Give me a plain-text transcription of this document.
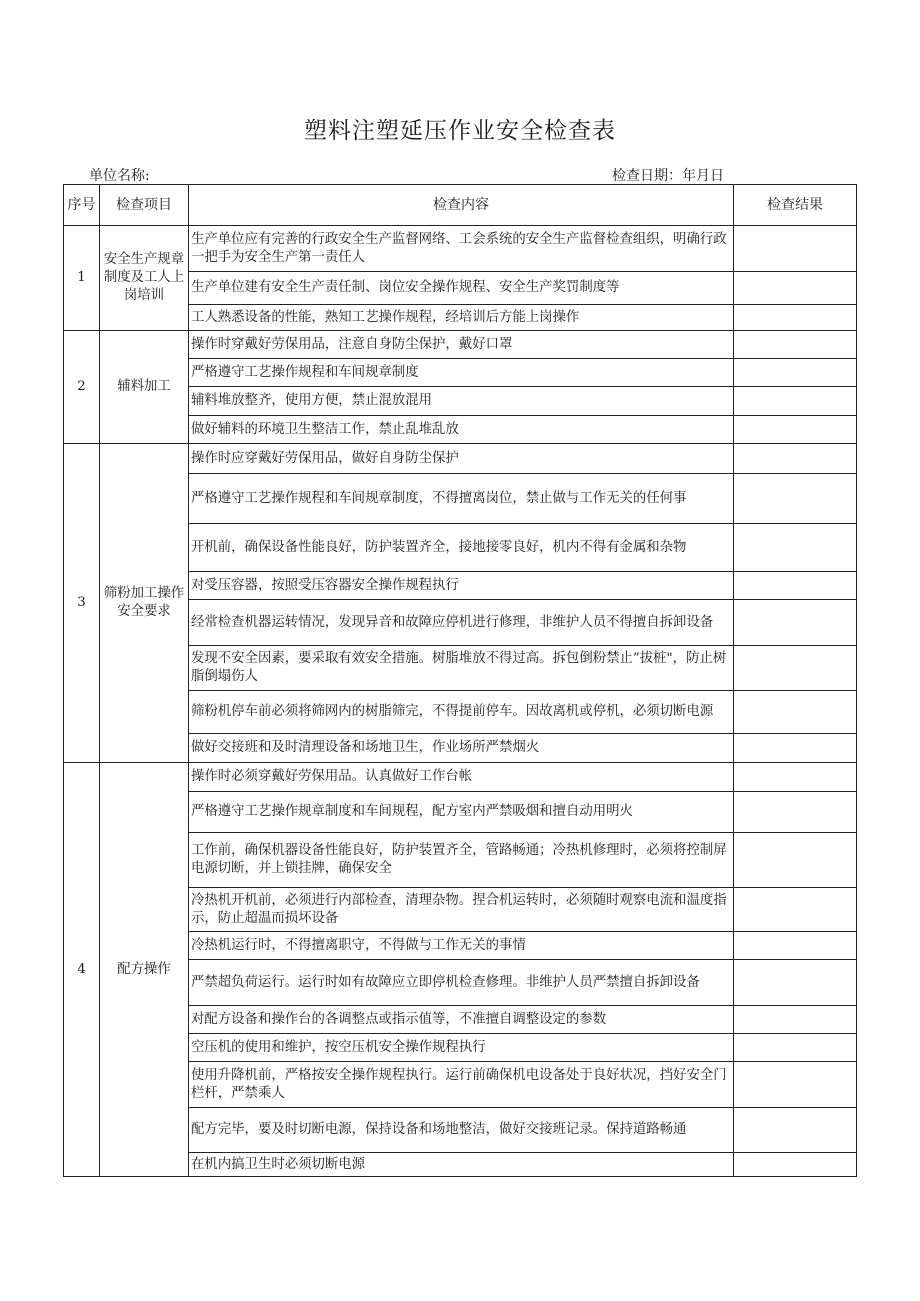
塑料注塑延压作业安全检查表
单位名称:	检查日期：年月日
序号	检查项目	检查内容	检查结果
1	安全生产规章制度及工人上岗培训	生产单位应有完善的行政安全生产监督网络、工会系统的安全生产监督检查组织，明确行政一把手为安全生产第一责任人	
		生产单位建有安全生产责任制、岗位安全操作规程、安全生产奖罚制度等	
		工人熟悉设备的性能，熟知工艺操作规程，经培训后方能上岗操作	
2	辅料加工	操作时穿戴好劳保用品，注意自身防尘保护，戴好口罩	
		严格遵守工艺操作规程和车间规章制度	
		辅料堆放整齐，使用方便，禁止混放混用	
		做好辅料的环境卫生整洁工作，禁止乱堆乱放	
3	筛粉加工操作安全要求	操作时应穿戴好劳保用品，做好自身防尘保护	
		严格遵守工艺操作规程和车间规章制度，不得擅离岗位，禁止做与工作无关的任何事	
		开机前，确保设备性能良好，防护装置齐全，接地接零良好，机内不得有金属和杂物	
		对受压容器，按照受压容器安全操作规程执行	
		经常检查机器运转情况，发现异音和故障应停机进行修理，非维护人员不得擅自拆卸设备	
		发现不安全因素，要采取有效安全措施。树脂堆放不得过高。拆包倒粉禁止”拔桩"，防止树脂倒塌伤人	
		筛粉机停车前必须将筛网内的树脂筛完，不得提前停车。因故离机或停机，必须切断电源	
		做好交接班和及时清理设备和场地卫生，作业场所严禁烟火	
4	配方操作	操作时必须穿戴好劳保用品。认真做好工作台帐	
		严格遵守工艺操作规章制度和车间规程，配方室内严禁吸烟和擅自动用明火	
		工作前，确保机器设备性能良好，防护装置齐全，管路畅通；冷热机修理时，必须将控制屏电源切断，并上锁挂牌，确保安全	
		冷热机开机前，必须进行内部检查，清理杂物。捏合机运转时，必须随时观察电流和温度指示，防止超温而损坏设备	
		冷热机运行时，不得擅离职守，不得做与工作无关的事情	
		严禁超负荷运行。运行时如有故障应立即停机检查修理。非维护人员严禁擅自拆卸设备	
		对配方设备和操作台的各调整点或指示值等，不准擅自调整设定的参数	
		空压机的使用和维护，按空压机安全操作规程执行	
		使用升降机前，严格按安全操作规程执行。运行前确保机电设备处于良好状况，挡好安全门栏杆，严禁乘人	
		配方完毕，要及时切断电源，保持设备和场地整洁，做好交接班记录。保持道路畅通	
		在机内搞卫生时必须切断电源	
